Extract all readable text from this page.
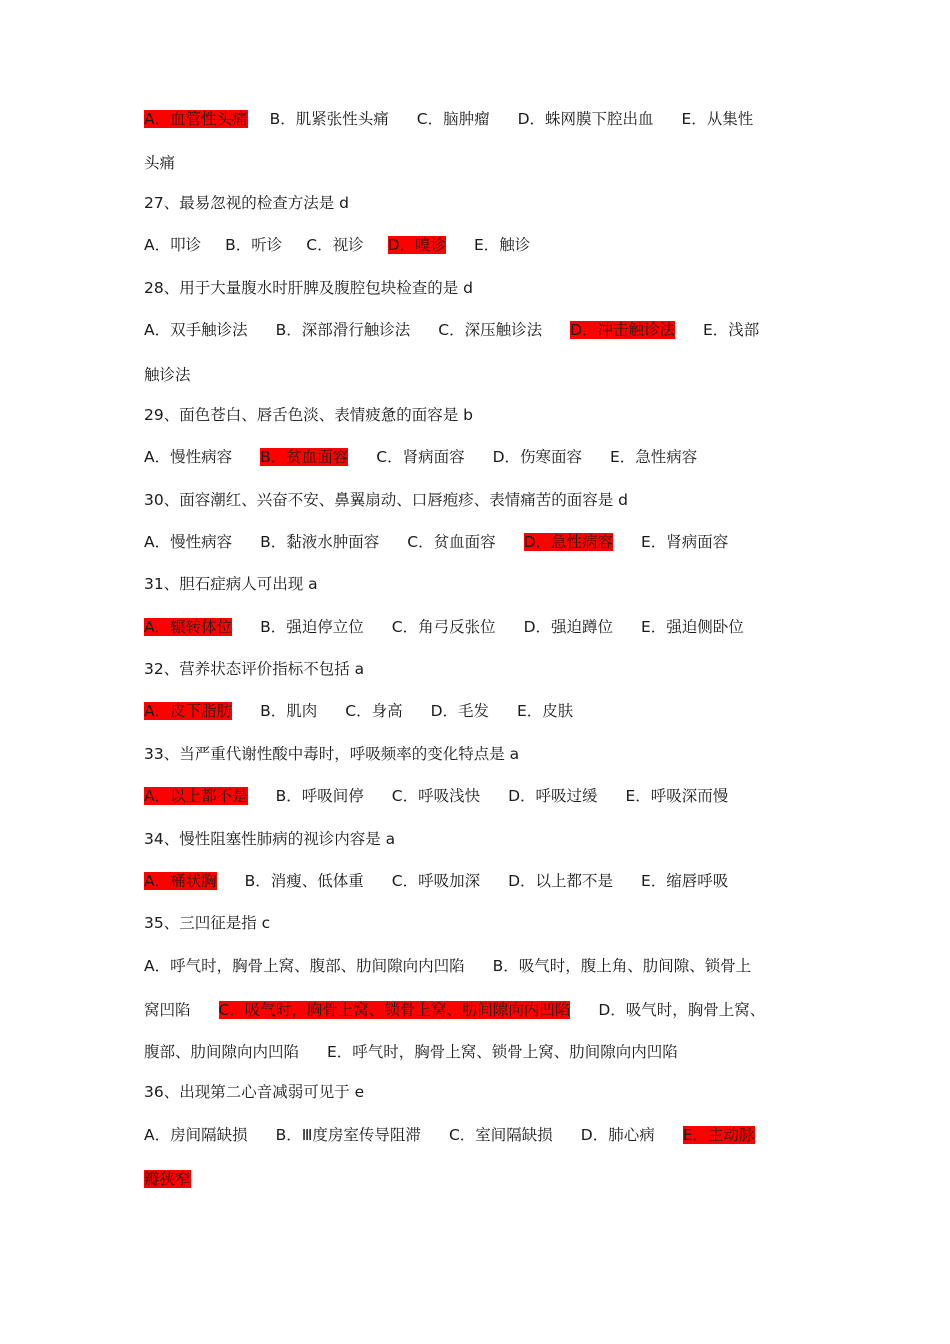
A．血管性头痛 B．肌紧张性头痛 C．脑肿瘤 D．蛛网膜下腔出血 E．从集性
头痛
27、最易忽视的检查方法是 d
A．叩诊 B．听诊 C．视诊 D．嗅诊 E．触诊
28、用于大量腹水时肝脾及腹腔包块检查的是 d
A．双手触诊法 B．深部滑行触诊法 C．深压触诊法 D．冲击触诊法 E．浅部
触诊法
29、面色苍白、唇舌色淡、表情疲惫的面容是 b
A．慢性病容 B．贫血面容 C．肾病面容 D．伤寒面容 E．急性病容
30、面容潮红、兴奋不安、鼻翼扇动、口唇疱疹、表情痛苦的面容是 d
A．慢性病容 B．黏液水肿面容 C．贫血面容 D．急性病容 E．肾病面容
31、胆石症病人可出现 a
A．辗转体位 B．强迫停立位 C．角弓反张位 D．强迫蹲位 E．强迫侧卧位
32、营养状态评价指标不包括 a
A．皮下脂肪 B．肌肉 C．身高 D．毛发 E．皮肤
33、当严重代谢性酸中毒时，呼吸频率的变化特点是 a
A．以上都不是 B．呼吸间停 C．呼吸浅快 D．呼吸过缓 E．呼吸深而慢
34、慢性阻塞性肺病的视诊内容是 a
A．桶状胸 B．消瘦、低体重 C．呼吸加深 D．以上都不是 E．缩唇呼吸
35、三凹征是指 c
A．呼气时，胸骨上窝、腹部、肋间隙向内凹陷 B．吸气时，腹上角、肋间隙、锁骨上
窝凹陷 C．吸气时，胸骨上窝、锁骨上窝、肋间隙向内凹陷 D．吸气时，胸骨上窝、
腹部、肋间隙向内凹陷 E．呼气时，胸骨上窝、锁骨上窝、肋间隙向内凹陷
36、出现第二心音减弱可见于 e
A．房间隔缺损 B．Ⅲ度房室传导阻滞 C．室间隔缺损 D．肺心病 E．主动脉
瓣狭窄
